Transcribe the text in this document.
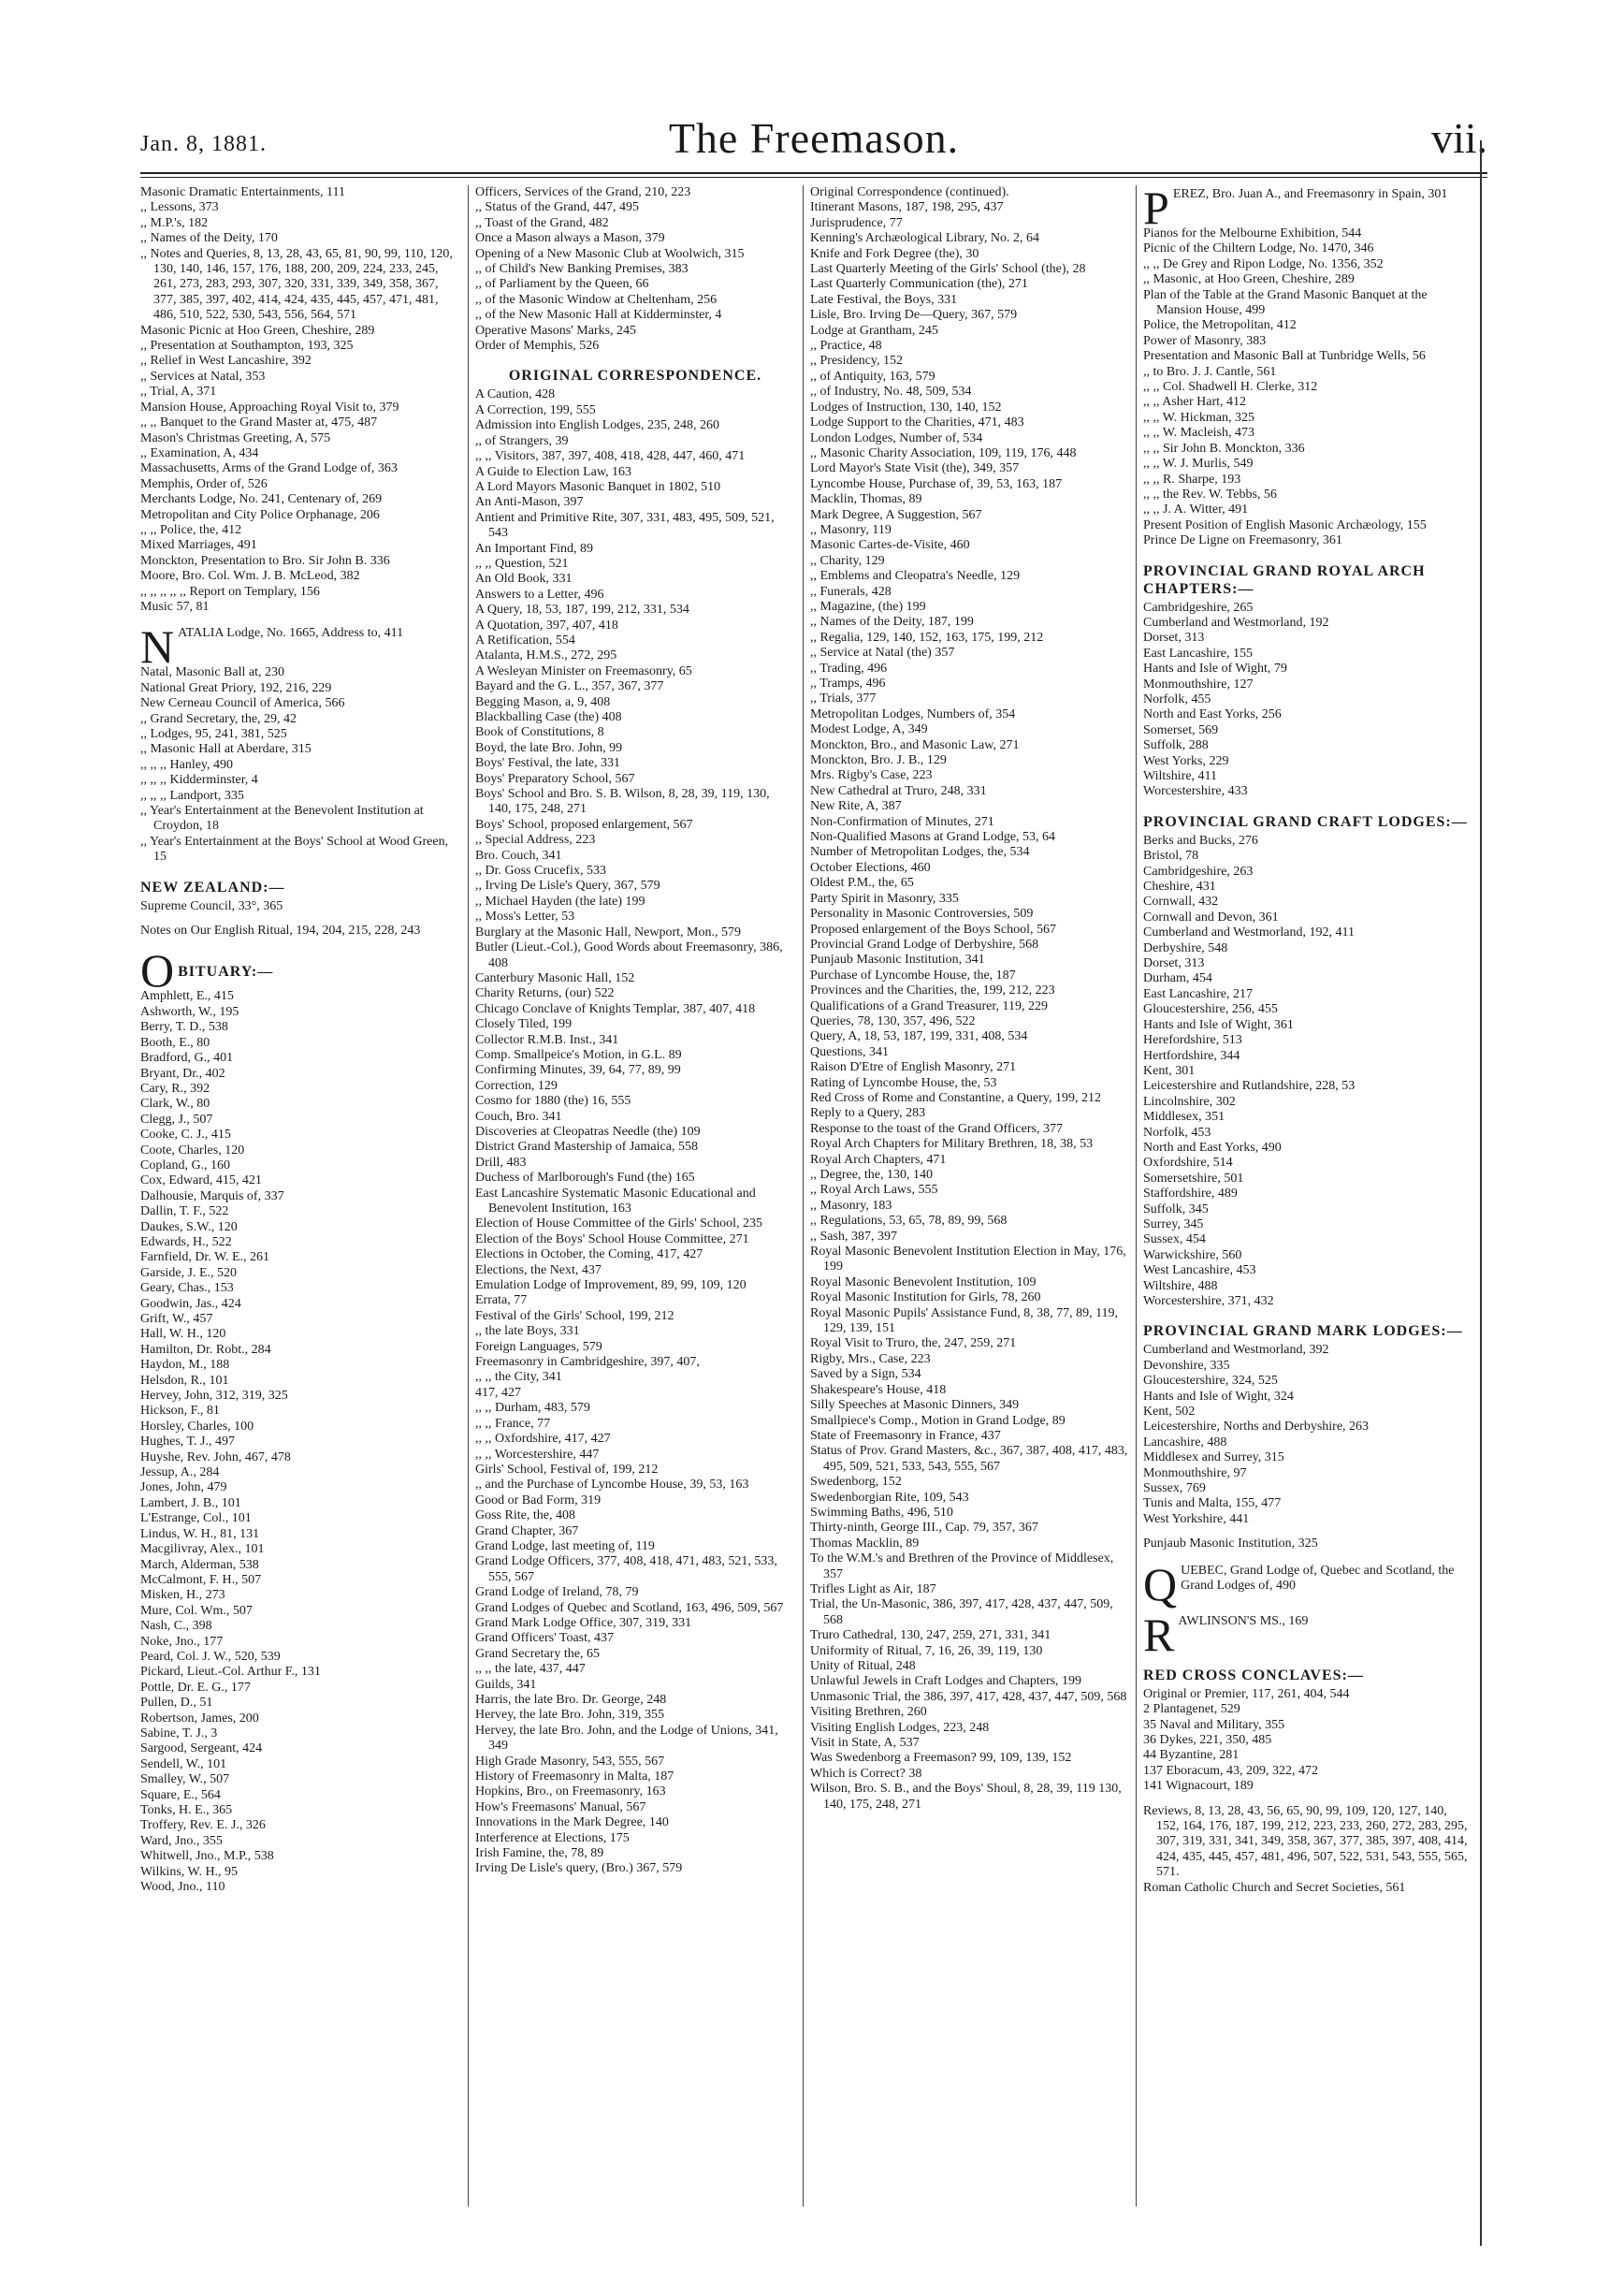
Jan. 8, 1881.	The Freemason.	vii.

Masonic Dramatic Entertainments, 111

,, Lessons, 373

,, M.P.'s, 182

,, Names of the Deity, 170

,, Notes and Queries, 8, 13, 28, 43, 65, 81, 90, 99, 110, 120, 130, 140, 146, 157, 176, 188, 200, 209, 224, 233, 245, 261, 273, 283, 293, 307, 320, 331, 339, 349, 358, 367, 377, 385, 397, 402, 414, 424, 435, 445, 457, 471, 481, 486, 510, 522, 530, 543, 556, 564, 571

Masonic Picnic at Hoo Green, Cheshire, 289

,, Presentation at Southampton, 193, 325

,, Relief in West Lancashire, 392

,, Services at Natal, 353

,, Trial, A, 371

Mansion House, Approaching Royal Visit to, 379

,, ,, Banquet to the Grand Master at, 475, 487

Mason's Christmas Greeting, A, 575

,, Examination, A, 434

Massachusetts, Arms of the Grand Lodge of, 363

Memphis, Order of, 526

Merchants Lodge, No. 241, Centenary of, 269

Metropolitan and City Police Orphanage, 206

,, ,, Police, the, 412

Mixed Marriages, 491

Monckton, Presentation to Bro. Sir John B. 336

Moore, Bro. Col. Wm. J. B. McLeod, 382

,, ,, ,, ,, ,, Report on Templary, 156

Music 57, 81

N ATALIA Lodge, No. 1665, Address to, 411

Natal, Masonic Ball at, 230

National Great Priory, 192, 216, 229

New Cerneau Council of America, 566

,, Grand Secretary, the, 29, 42

,, Lodges, 95, 241, 381, 525

,, Masonic Hall at Aberdare, 315

,, ,, ,, Hanley, 490

,, ,, ,, Kidderminster, 4

,, ,, ,, Landport, 335

,, Year's Entertainment at the Benevolent Institution at Croydon, 18

,, Year's Entertainment at the Boys' School at Wood Green, 15

NEW ZEALAND:—

Supreme Council, 33°, 365

Notes on Our English Ritual, 194, 204, 215, 228, 243

O BITUARY:—

Amphlett, E., 415

Ashworth, W., 195

Berry, T. D., 538

Booth, E., 80

Bradford, G., 401

Bryant, Dr., 402

Cary, R., 392

Clark, W., 80

Clegg, J., 507

Cooke, C. J., 415

Coote, Charles, 120

Copland, G., 160

Cox, Edward, 415, 421

Dalhousie, Marquis of, 337

Dallin, T. F., 522

Daukes, S.W., 120

Edwards, H., 522

Farnfield, Dr. W. E., 261

Garside, J. E., 520

Geary, Chas., 153

Goodwin, Jas., 424

Grift, W., 457

Hall, W. H., 120

Hamilton, Dr. Robt., 284

Haydon, M., 188

Helsdon, R., 101

Hervey, John, 312, 319, 325

Hickson, F., 81

Horsley, Charles, 100

Hughes, T. J., 497

Huyshe, Rev. John, 467, 478

Jessup, A., 284

Jones, John, 479

Lambert, J. B., 101

L'Estrange, Col., 101

Lindus, W. H., 81, 131

Macgilivray, Alex., 101

March, Alderman, 538

McCalmont, F. H., 507

Misken, H., 273

Mure, Col. Wm., 507

Nash, C., 398

Noke, Jno., 177

Peard, Col. J. W., 520, 539

Pickard, Lieut.-Col. Arthur F., 131

Pottle, Dr. E. G., 177

Pullen, D., 51

Robertson, James, 200

Sabine, T. J., 3

Sargood, Sergeant, 424

Sendell, W., 101

Smalley, W., 507

Square, E., 564

Tonks, H. E., 365

Troffery, Rev. E. J., 326

Ward, Jno., 355

Whitwell, Jno., M.P., 538

Wilkins, W. H., 95

Wood, Jno., 110

Officers, Services of the Grand, 210, 223

,, Status of the Grand, 447, 495

,, Toast of the Grand, 482

Once a Mason always a Mason, 379

Opening of a New Masonic Club at Woolwich, 315

,, of Child's New Banking Premises, 383

,, of Parliament by the Queen, 66

,, of the Masonic Window at Cheltenham, 256

,, of the New Masonic Hall at Kidderminster, 4

Operative Masons' Marks, 245

Order of Memphis, 526

ORIGINAL CORRESPONDENCE.

A Caution, 428

A Correction, 199, 555

Admission into English Lodges, 235, 248, 260

,, of Strangers, 39

,, ,, Visitors, 387, 397, 408, 418, 428, 447, 460, 471

A Guide to Election Law, 163

A Lord Mayors Masonic Banquet in 1802, 510

An Anti-Mason, 397

Antient and Primitive Rite, 307, 331, 483, 495, 509, 521, 543

An Important Find, 89

,, ,, Question, 521

An Old Book, 331

Answers to a Letter, 496

A Query, 18, 53, 187, 199, 212, 331, 534

A Quotation, 397, 407, 418

A Retification, 554

Atalanta, H.M.S., 272, 295

A Wesleyan Minister on Freemasonry, 65

Bayard and the G. L., 357, 367, 377

Begging Mason, a, 9, 408

Blackballing Case (the) 408

Book of Constitutions, 8

Boyd, the late Bro. John, 99

Boys' Festival, the late, 331

Boys' Preparatory School, 567

Boys' School and Bro. S. B. Wilson, 8, 28, 39, 119, 130, 140, 175, 248, 271

Boys' School, proposed enlargement, 567

,, Special Address, 223

Bro. Couch, 341

,, Dr. Goss Crucefix, 533

,, Irving De Lisle's Query, 367, 579

,, Michael Hayden (the late) 199

,, Moss's Letter, 53

Burglary at the Masonic Hall, Newport, Mon., 579

Butler (Lieut.-Col.), Good Words about Freemasonry, 386, 408

Canterbury Masonic Hall, 152

Charity Returns, (our) 522

Chicago Conclave of Knights Templar, 387, 407, 418

Closely Tiled, 199

Collector R.M.B. Inst., 341

Comp. Smallpeice's Motion, in G.L. 89

Confirming Minutes, 39, 64, 77, 89, 99

Correction, 129

Cosmo for 1880 (the) 16, 555

Couch, Bro. 341

Discoveries at Cleopatras Needle (the) 109

District Grand Mastership of Jamaica, 558

Drill, 483

Duchess of Marlborough's Fund (the) 165

East Lancashire Systematic Masonic Educational and Benevolent Institution, 163

Election of House Committee of the Girls' School, 235

Election of the Boys' School House Committee, 271

Elections in October, the Coming, 417, 427

Elections, the Next, 437

Emulation Lodge of Improvement, 89, 99, 109, 120

Errata, 77

Festival of the Girls' School, 199, 212

,, the late Boys, 331

Foreign Languages, 579

Freemasonry in Cambridgeshire, 397, 407,

,, ,, the City, 341

417, 427

,, ,, Durham, 483, 579

,, ,, France, 77

,, ,, Oxfordshire, 417, 427

,, ,, Worcestershire, 447

Girls' School, Festival of, 199, 212

,, and the Purchase of Lyncombe House, 39, 53, 163

Good or Bad Form, 319

Goss Rite, the, 408

Grand Chapter, 367

Grand Lodge, last meeting of, 119

Grand Lodge Officers, 377, 408, 418, 471, 483, 521, 533, 555, 567

Grand Lodge of Ireland, 78, 79

Grand Lodges of Quebec and Scotland, 163, 496, 509, 567

Grand Mark Lodge Office, 307, 319, 331

Grand Officers' Toast, 437

Grand Secretary the, 65

,, ,, the late, 437, 447

Guilds, 341

Harris, the late Bro. Dr. George, 248

Hervey, the late Bro. John, 319, 355

Hervey, the late Bro. John, and the Lodge of Unions, 341, 349

High Grade Masonry, 543, 555, 567

History of Freemasonry in Malta, 187

Hopkins, Bro., on Freemasonry, 163

How's Freemasons' Manual, 567

Innovations in the Mark Degree, 140

Interference at Elections, 175

Irish Famine, the, 78, 89

Irving De Lisle's query, (Bro.) 367, 579

Original Correspondence (continued).

Itinerant Masons, 187, 198, 295, 437

Jurisprudence, 77

Kenning's Archæological Library, No. 2, 64

Knife and Fork Degree (the), 30

Last Quarterly Meeting of the Girls' School (the), 28

Last Quarterly Communication (the), 271

Late Festival, the Boys, 331

Lisle, Bro. Irving De—Query, 367, 579

Lodge at Grantham, 245

,, Practice, 48

,, Presidency, 152

,, of Antiquity, 163, 579

,, of Industry, No. 48, 509, 534

Lodges of Instruction, 130, 140, 152

Lodge Support to the Charities, 471, 483

London Lodges, Number of, 534

,, Masonic Charity Association, 109, 119, 176, 448

Lord Mayor's State Visit (the), 349, 357

Lyncombe House, Purchase of, 39, 53, 163, 187

Macklin, Thomas, 89

Mark Degree, A Suggestion, 567

,, Masonry, 119

Masonic Cartes-de-Visite, 460

,, Charity, 129

,, Emblems and Cleopatra's Needle, 129

,, Funerals, 428

,, Magazine, (the) 199

,, Names of the Deity, 187, 199

,, Regalia, 129, 140, 152, 163, 175, 199, 212

,, Service at Natal (the) 357

,, Trading, 496

,, Tramps, 496

,, Trials, 377

Metropolitan Lodges, Numbers of, 354

Modest Lodge, A, 349

Monckton, Bro., and Masonic Law, 271

Monckton, Bro. J. B., 129

Mrs. Rigby's Case, 223

New Cathedral at Truro, 248, 331

New Rite, A, 387

Non-Confirmation of Minutes, 271

Non-Qualified Masons at Grand Lodge, 53, 64

Number of Metropolitan Lodges, the, 534

October Elections, 460

Oldest P.M., the, 65

Party Spirit in Masonry, 335

Personality in Masonic Controversies, 509

Proposed enlargement of the Boys School, 567

Provincial Grand Lodge of Derbyshire, 568

Punjaub Masonic Institution, 341

Purchase of Lyncombe House, the, 187

Provinces and the Charities, the, 199, 212, 223

Qualifications of a Grand Treasurer, 119, 229

Queries, 78, 130, 357, 496, 522

Query, A, 18, 53, 187, 199, 331, 408, 534

Questions, 341

Raison D'Etre of English Masonry, 271

Rating of Lyncombe House, the, 53

Red Cross of Rome and Constantine, a Query, 199, 212

Reply to a Query, 283

Response to the toast of the Grand Officers, 377

Royal Arch Chapters for Military Brethren, 18, 38, 53

Royal Arch Chapters, 471

,, Degree, the, 130, 140

,, Royal Arch Laws, 555

,, Masonry, 183

,, Regulations, 53, 65, 78, 89, 99, 568

,, Sash, 387, 397

Royal Masonic Benevolent Institution Election in May, 176, 199

Royal Masonic Benevolent Institution, 109

Royal Masonic Institution for Girls, 78, 260

Royal Masonic Pupils' Assistance Fund, 8, 38, 77, 89, 119, 129, 139, 151

Royal Visit to Truro, the, 247, 259, 271

Rigby, Mrs., Case, 223

Saved by a Sign, 534

Shakespeare's House, 418

Silly Speeches at Masonic Dinners, 349

Smallpiece's Comp., Motion in Grand Lodge, 89

State of Freemasonry in France, 437

Status of Prov. Grand Masters, &c., 367, 387, 408, 417, 483, 495, 509, 521, 533, 543, 555, 567

Swedenborg, 152

Swedenborgian Rite, 109, 543

Swimming Baths, 496, 510

Thirty-ninth, George III., Cap. 79, 357, 367

Thomas Macklin, 89

To the W.M.'s and Brethren of the Province of Middlesex, 357

Trifles Light as Air, 187

Trial, the Un-Masonic, 386, 397, 417, 428, 437, 447, 509, 568

Truro Cathedral, 130, 247, 259, 271, 331, 341

Uniformity of Ritual, 7, 16, 26, 39, 119, 130

Unity of Ritual, 248

Unlawful Jewels in Craft Lodges and Chapters, 199

Unmasonic Trial, the 386, 397, 417, 428, 437, 447, 509, 568

Visiting Brethren, 260

Visiting English Lodges, 223, 248

Visit in State, A, 537

Was Swedenborg a Freemason? 99, 109, 139, 152

Which is Correct? 38

Wilson, Bro. S. B., and the Boys' Shoul, 8, 28, 39, 119 130, 140, 175, 248, 271

P EREZ, Bro. Juan A., and Freemasonry in Spain, 301

Pianos for the Melbourne Exhibition, 544

Picnic of the Chiltern Lodge, No. 1470, 346

,, ,, De Grey and Ripon Lodge, No. 1356, 352

,, Masonic, at Hoo Green, Cheshire, 289

Plan of the Table at the Grand Masonic Banquet at the Mansion House, 499

Police, the Metropolitan, 412

Power of Masonry, 383

Presentation and Masonic Ball at Tunbridge Wells, 56

,, to Bro. J. J. Cantle, 561

,, ,, Col. Shadwell H. Clerke, 312

,, ,, Asher Hart, 412

,, ,, W. Hickman, 325

,, ,, W. Macleish, 473

,, ,, Sir John B. Monckton, 336

,, ,, W. J. Murlis, 549

,, ,, R. Sharpe, 193

,, ,, the Rev. W. Tebbs, 56

,, ,, J. A. Witter, 491

Present Position of English Masonic Archæology, 155

Prince De Ligne on Freemasonry, 361

PROVINCIAL GRAND ROYAL ARCH CHAPTERS:—

Cambridgeshire, 265

Cumberland and Westmorland, 192

Dorset, 313

East Lancashire, 155

Hants and Isle of Wight, 79

Monmouthshire, 127

Norfolk, 455

North and East Yorks, 256

Somerset, 569

Suffolk, 288

West Yorks, 229

Wiltshire, 411

Worcestershire, 433

PROVINCIAL GRAND CRAFT LODGES:—

Berks and Bucks, 276

Bristol, 78

Cambridgeshire, 263

Cheshire, 431

Cornwall, 432

Cornwall and Devon, 361

Cumberland and Westmorland, 192, 411

Derbyshire, 548

Dorset, 313

Durham, 454

East Lancashire, 217

Gloucestershire, 256, 455

Hants and Isle of Wight, 361

Herefordshire, 513

Hertfordshire, 344

Kent, 301

Leicestershire and Rutlandshire, 228, 53

Lincolnshire, 302

Middlesex, 351

Norfolk, 453

North and East Yorks, 490

Oxfordshire, 514

Somersetshire, 501

Staffordshire, 489

Suffolk, 345

Surrey, 345

Sussex, 454

Warwickshire, 560

West Lancashire, 453

Wiltshire, 488

Worcestershire, 371, 432

PROVINCIAL GRAND MARK LODGES:—

Cumberland and Westmorland, 392

Devonshire, 335

Gloucestershire, 324, 525

Hants and Isle of Wight, 324

Kent, 502

Leicestershire, Norths and Derbyshire, 263

Lancashire, 488

Middlesex and Surrey, 315

Monmouthshire, 97

Sussex, 769

Tunis and Malta, 155, 477

West Yorkshire, 441

Punjaub Masonic Institution, 325

Q UEBEC, Grand Lodge of, Quebec and Scotland, the Grand Lodges of, 490
R AWLINSON'S MS., 169
RED CROSS CONCLAVES:—

Original or Premier, 117, 261, 404, 544

2 Plantagenet, 529

35 Naval and Military, 355

36 Dykes, 221, 350, 485

44 Byzantine, 281

137 Eboracum, 43, 209, 322, 472

141 Wignacourt, 189

Reviews, 8, 13, 28, 43, 56, 65, 90, 99, 109, 120, 127, 140, 152, 164, 176, 187, 199, 212, 223, 233, 260, 272, 283, 295, 307, 319, 331, 341, 349, 358, 367, 377, 385, 397, 408, 414, 424, 435, 445, 457, 481, 496, 507, 522, 531, 543, 555, 565, 571.

Roman Catholic Church and Secret Societies, 561
